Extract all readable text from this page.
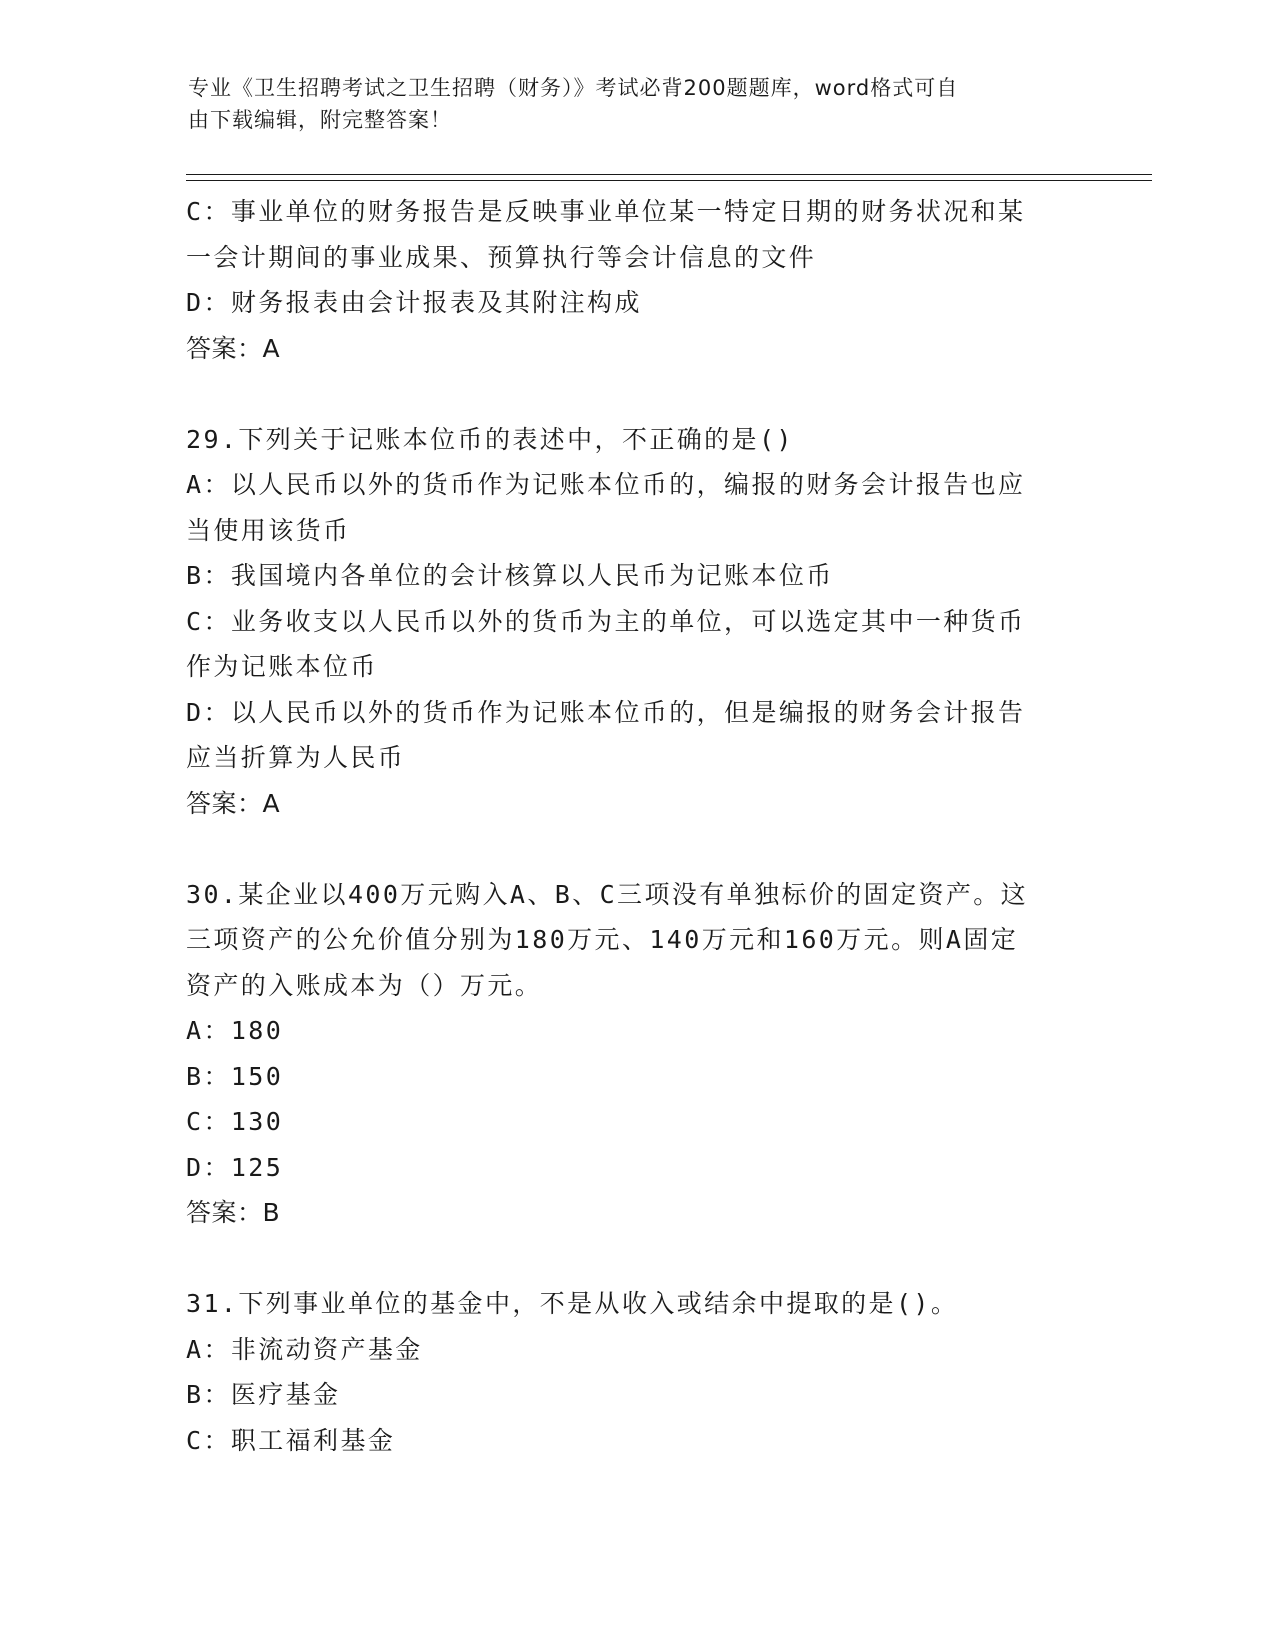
专业《卫生招聘考试之卫生招聘（财务）》考试必背200题题库，word格式可自
由下载编辑，附完整答案！
C：事业单位的财务报告是反映事业单位某一特定日期的财务状况和某
一会计期间的事业成果、预算执行等会计信息的文件
D：财务报表由会计报表及其附注构成
答案：A
29.下列关于记账本位币的表述中，不正确的是()
A：以人民币以外的货币作为记账本位币的，编报的财务会计报告也应
当使用该货币
B：我国境内各单位的会计核算以人民币为记账本位币
C：业务收支以人民币以外的货币为主的单位，可以选定其中一种货币
作为记账本位币
D：以人民币以外的货币作为记账本位币的，但是编报的财务会计报告
应当折算为人民币
答案：A
30.某企业以400万元购入A、B、C三项没有单独标价的固定资产。这
三项资产的公允价值分别为180万元、140万元和160万元。则A固定
资产的入账成本为（）万元。
A：180
B：150
C：130
D：125
答案：B
31.下列事业单位的基金中，不是从收入或结余中提取的是()。
A：非流动资产基金
B：医疗基金
C：职工福利基金
